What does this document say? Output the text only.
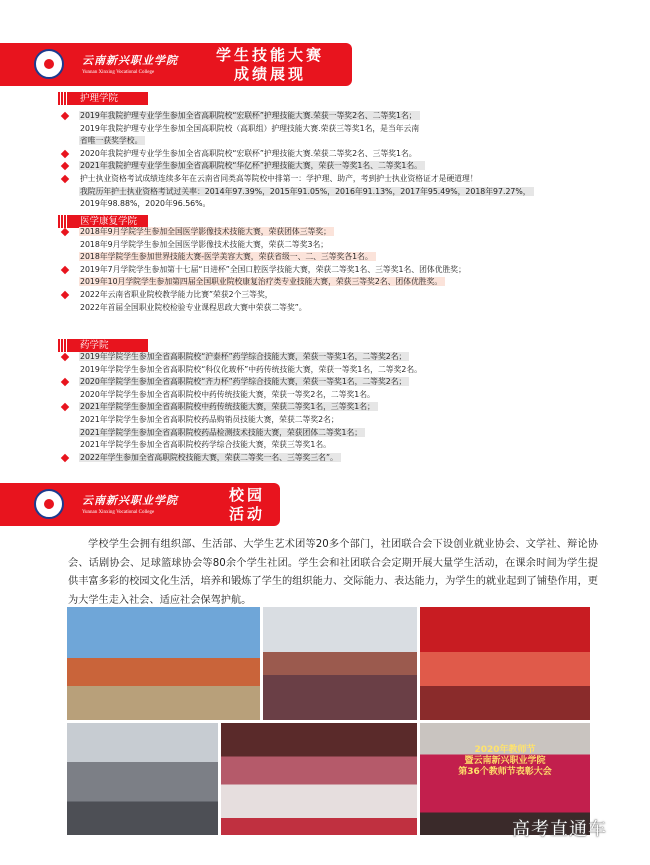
云南新兴职业学院
Yunnan Xinxing Vocational College
学生技能大赛
成绩展现
护理学院
2019年我院护理专业学生参加全省高职院校“宏联杯”护理技能大赛.荣获一等奖2名、二等奖1名；
2019年我院护理专业学生参加全国高职院校（高职组）护理技能大赛.荣获三等奖1名，是当年云南
省唯一获奖学校。
2020年我院护理专业学生参加全省高职院校“宏联杯”护理技能大赛.荣获二等奖2名、三等奖1名。
2021年我院护理专业学生参加全省高职院校“华亿杯”护理技能大赛，荣获一等奖1名、二等奖1名。
护士执业资格考试成绩连续多年在云南省同类高等院校中排第一：学护理、助产，考到护士执业资格证才是硬道理！
我院历年护士执业资格考试过关率：2014年97.39%，2015年91.05%，2016年91.13%，2017年95.49%，2018年97.27%，
2019年98.88%，2020年96.56%。
医学康复学院
2018年9月学院学生参加全国医学影像技术技能大赛，荣获团体三等奖；
2018年9月学院学生参加全国医学影像技术技能大赛，荣获二等奖3名；
2018年学院学生参加世界技能大赛-医学美容大赛，荣获省级一、二、三等奖各1名。
2019年7月学院学生参加第十七届“日进杯”全国口腔医学技能大赛，荣获二等奖1名、三等奖1名、团体优胜奖；
2019年10月学院学生参加第四届全国职业院校康复治疗类专业技能大赛，荣获三等奖2名、团体优胜奖。
2022年云南省职业院校教学能力比赛”荣获2个三等奖，
2022年首届全国职业院校检验专业课程思政大赛中荣获二等奖”。
药学院
2019年学院学生参加全省高职院校“沪泰杯”药学综合技能大赛，荣获一等奖1名，二等奖2名；
2019年学院学生参加全省高职院校“科仪化玻杯”中药传统技能大赛，荣获一等奖1名，二等奖2名。
2020年学院学生参加全省高职院校“齐力杯”药学综合技能大赛，荣获一等奖1名，二等奖2名；
2020年学院学生参加全省高职院校中药传统技能大赛，荣获一等奖2名，二等奖1名。
2021年学院学生参加全省高职院校中药传统技能大赛，荣获二等奖1名，三等奖1名；
2021年学院学生参加全省高职院校药品购销员技能大赛，荣获二等奖2名；
2021年学院学生参加全省高职院校药品检测技术技能大赛，荣获团体二等奖1名；
2021年学院学生参加全省高职院校药学综合技能大赛，荣获三等奖1名。
2022年学生参加全省高职院校技能大赛，荣获二等奖一名、三等奖三名”。
云南新兴职业学院
Yunnan Xinxing Vocational College
校园
活动

学校学生会拥有组织部、生活部、大学生艺术团等20多个部门，社团联合会下设创业就业协会、文学社、辩论协会、话剧协会、足球篮球协会等80余个学生社团。学生会和社团联合会定期开展大量学生活动，在课余时间为学生提供丰富多彩的校园文化生活，培养和锻炼了学生的组织能力、交际能力、表达能力，为学生的就业起到了铺垫作用，更为大学生走入社会、适应社会保驾护航。

2020年教师节
暨云南新兴职业学院
第36个教师节表彰大会
高考直通车
